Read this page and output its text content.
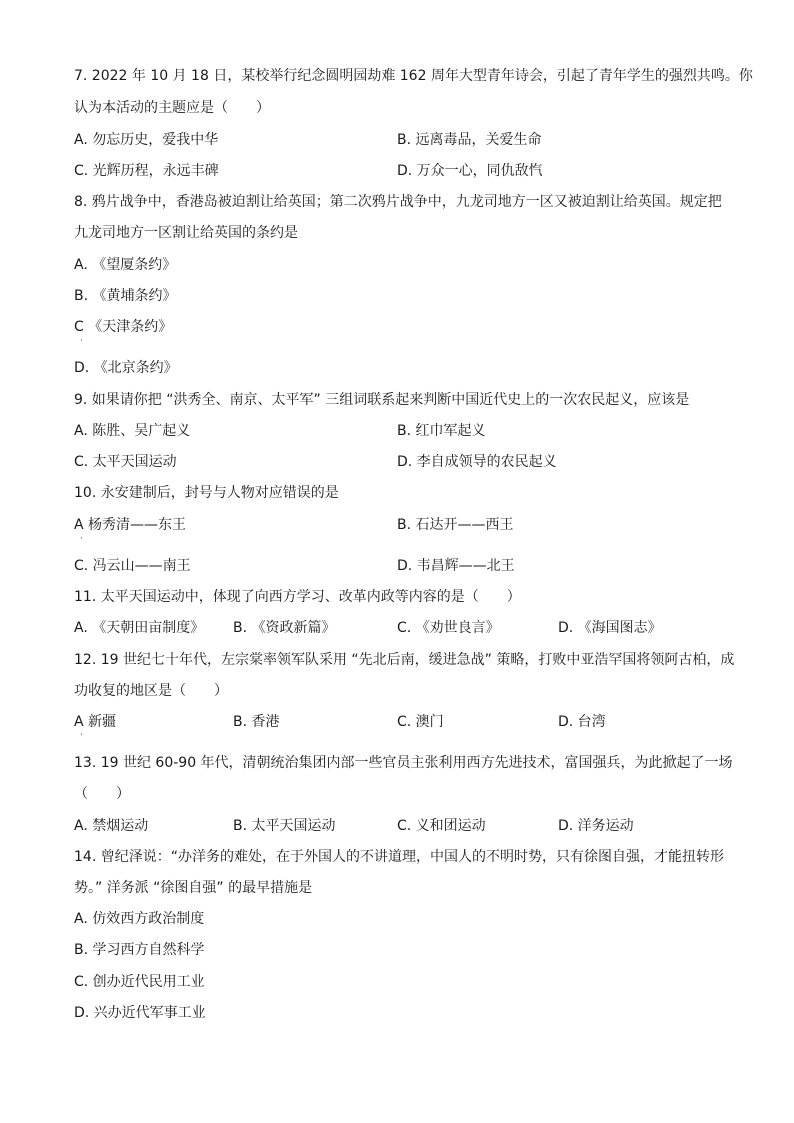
7. 2022 年 10 月 18 日，某校举行纪念圆明园劫难 162 周年大型青年诗会，引起了青年学生的强烈共鸣。你
认为本活动的主题应是（　　）
A. 勿忘历史，爱我中华	B. 远离毒品，关爱生命
C. 光辉历程，永远丰碑	D. 万众一心，同仇敌忾
8. 鸦片战争中，香港岛被迫割让给英国；第二次鸦片战争中，九龙司地方一区又被迫割让给英国。规定把
九龙司地方一区割让给英国的条约是
A. 《望厦条约》
B. 《黄埔条约》
C 《天津条约》
·
D. 《北京条约》
9. 如果请你把 “洪秀全、南京、太平军” 三组词联系起来判断中国近代史上的一次农民起义，应该是
A. 陈胜、吴广起义	B. 红巾军起义
C. 太平天国运动	D. 李自成领导的农民起义
10. 永安建制后，封号与人物对应错误的是
A 杨秀清——东王	B. 石达开——西王
·
C. 冯云山——南王	D. 韦昌辉——北王
11. 太平天国运动中，体现了向西方学习、改革内政等内容的是（　　）
A. 《天朝田亩制度》 B. 《资政新篇》	C. 《劝世良言》	D. 《海国图志》
12. 19 世纪七十年代，左宗棠率领军队采用 “先北后南，缓进急战” 策略，打败中亚浩罕国将领阿古柏，成
功收复的地区是（　　）
A 新疆	B. 香港	C. 澳门	D. 台湾
·
13. 19 世纪 60-90 年代，清朝统治集团内部一些官员主张利用西方先进技术，富国强兵，为此掀起了一场
（　　）
A. 禁烟运动	B. 太平天国运动	C. 义和团运动	D. 洋务运动
14. 曾纪泽说：“办洋务的难处，在于外国人的不讲道理，中国人的不明时势，只有徐图自强，才能扭转形
势。” 洋务派 “徐图自强” 的最早措施是
A. 仿效西方政治制度
B. 学习西方自然科学
C. 创办近代民用工业
D. 兴办近代军事工业
